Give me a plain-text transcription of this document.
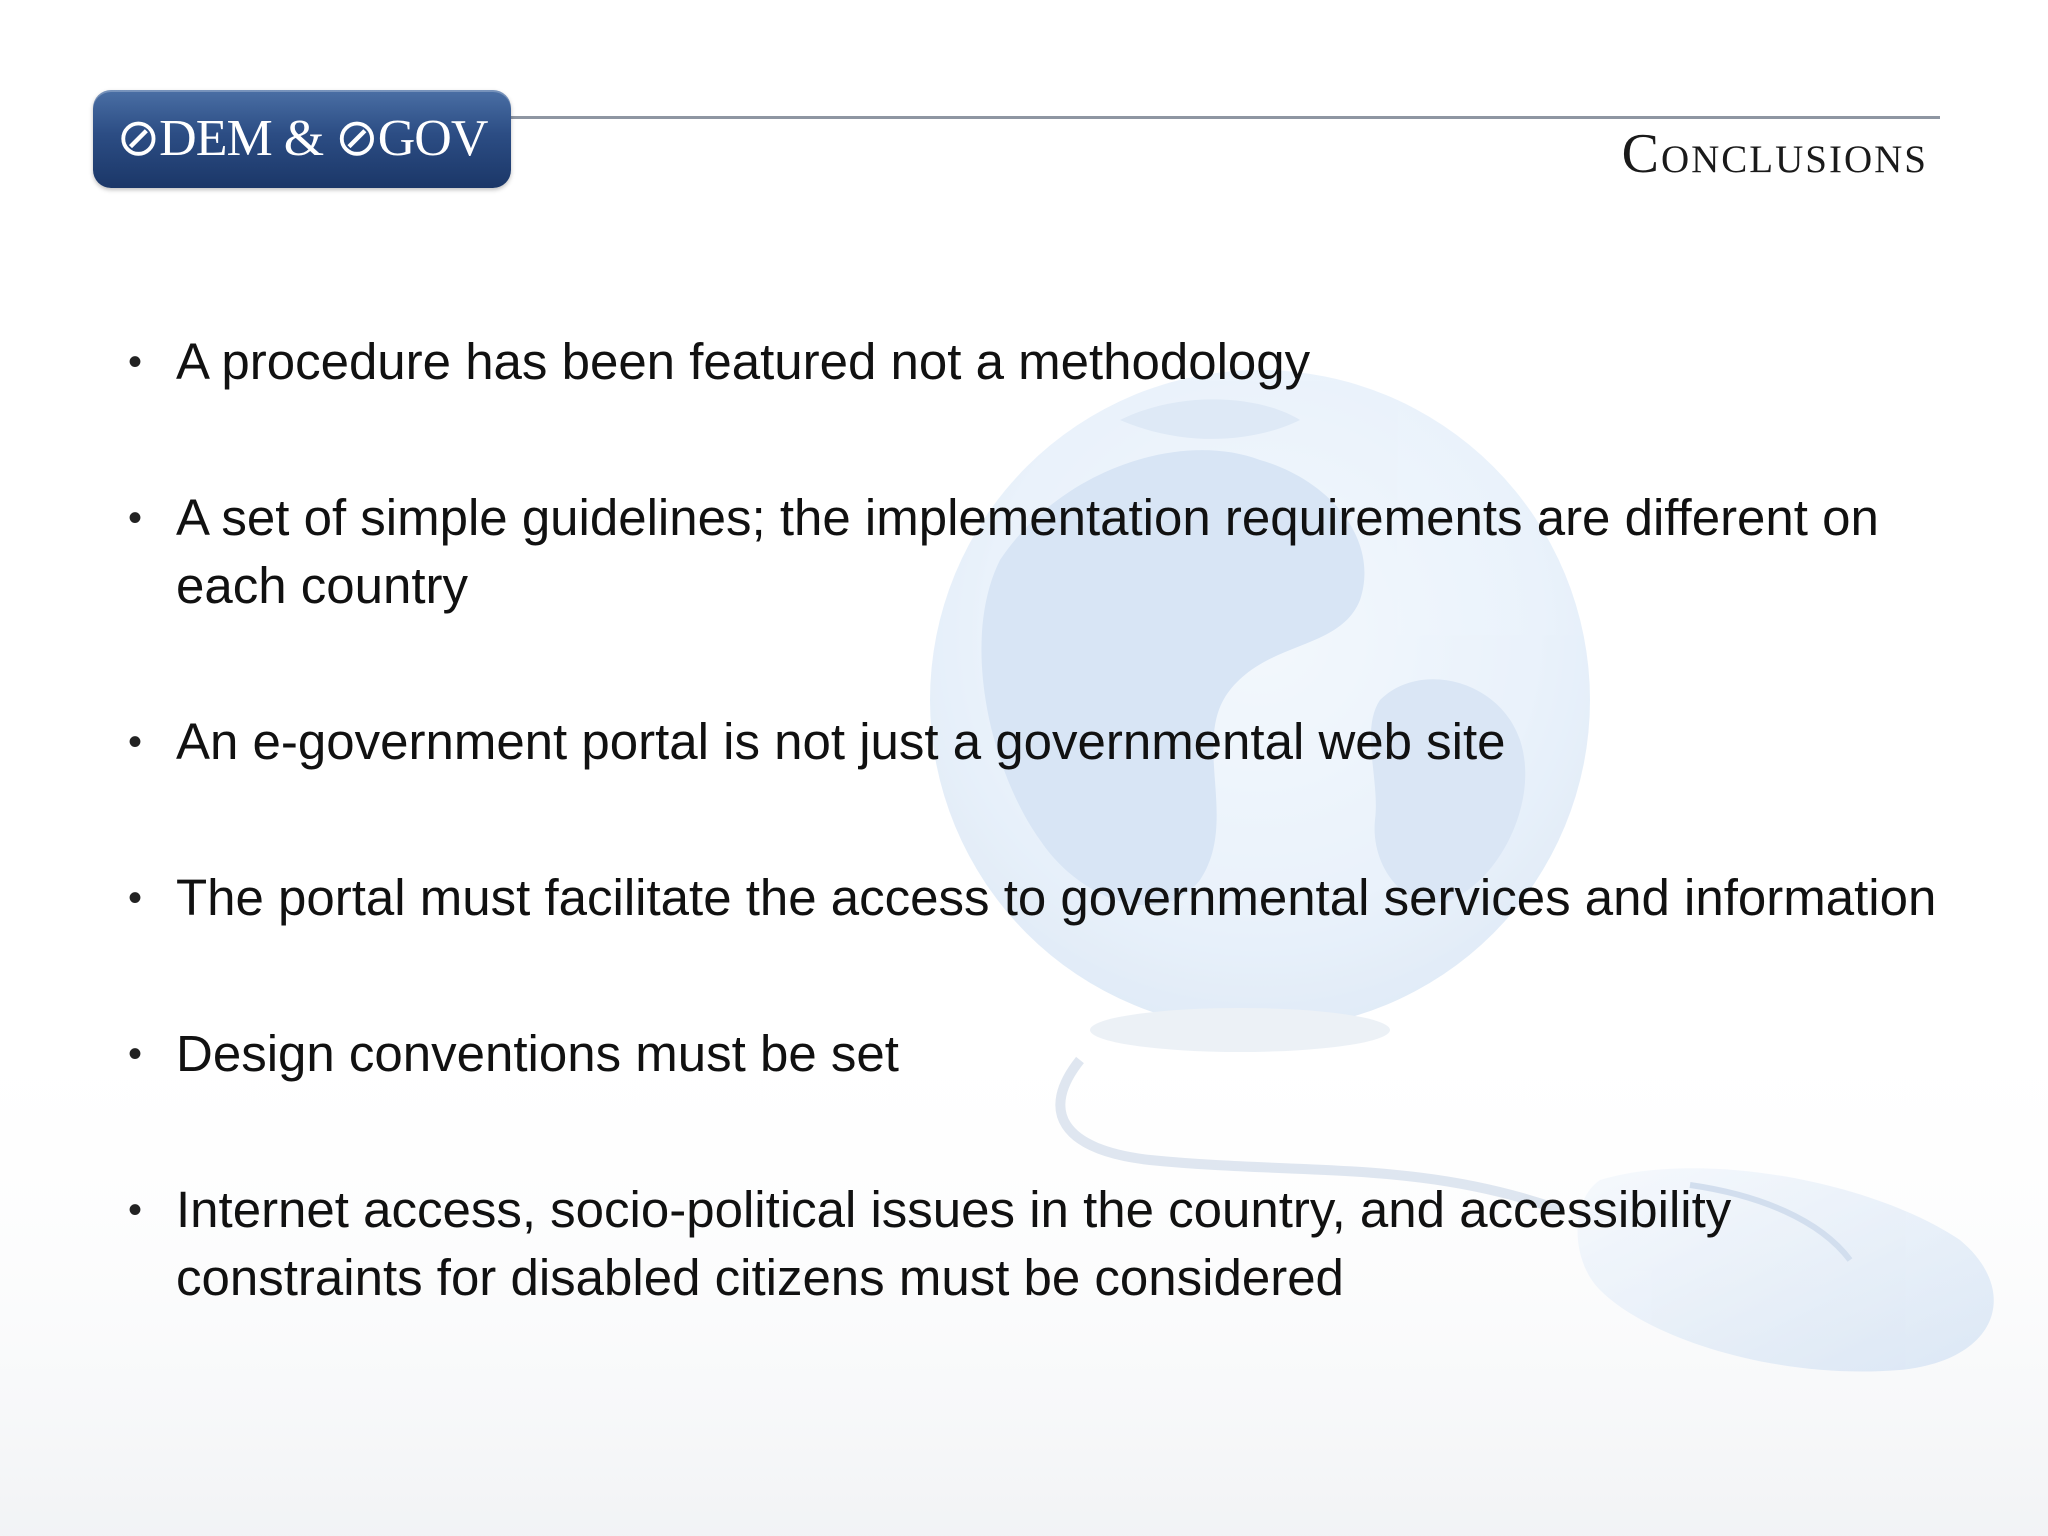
⊘DEM & ⊘GOV	Conclusions
• A procedure has been featured not a methodology
• A set of simple guidelines; the implementation requirements are different on each country
• An e-government portal is not just a governmental web site
• The portal must facilitate the access to governmental services and information
• Design conventions must be set
• Internet access, socio-political issues in the country, and accessibility constraints for disabled citizens must be considered
